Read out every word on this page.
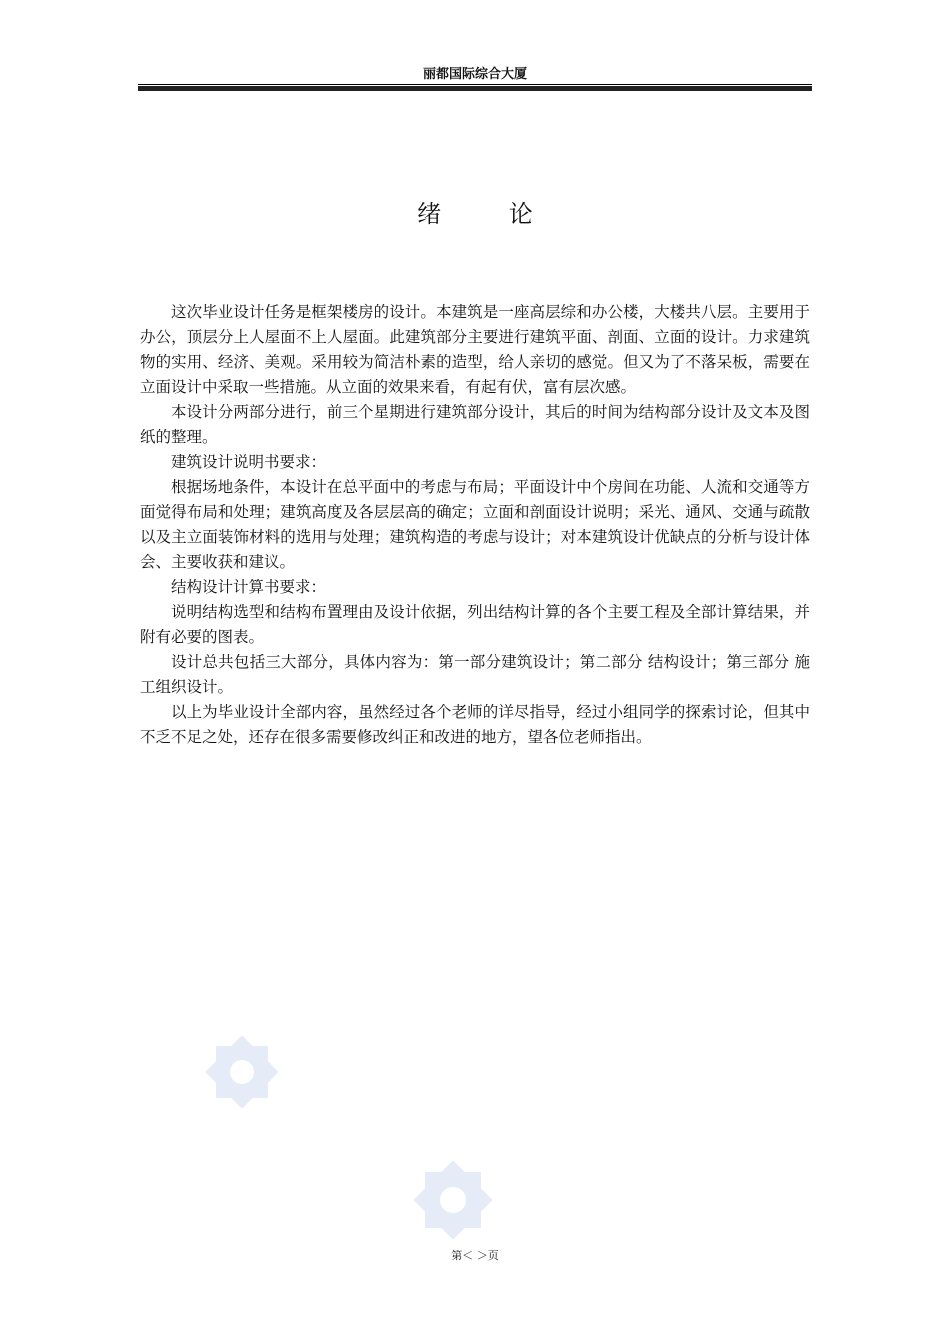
丽都国际综合大厦
绪 论

这次毕业设计任务是框架楼房的设计。本建筑是一座高层综和办公楼，大楼共八层。主要用于办公，顶层分上人屋面不上人屋面。此建筑部分主要进行建筑平面、剖面、立面的设计。力求建筑物的实用、经济、美观。采用较为简洁朴素的造型，给人亲切的感觉。但又为了不落呆板，需要在立面设计中采取一些措施。从立面的效果来看，有起有伏，富有层次感。

本设计分两部分进行，前三个星期进行建筑部分设计，其后的时间为结构部分设计及文本及图纸的整理。

建筑设计说明书要求：

根据场地条件，本设计在总平面中的考虑与布局；平面设计中个房间在功能、人流和交通等方面觉得布局和处理；建筑高度及各层层高的确定；立面和剖面设计说明；采光、通风、交通与疏散以及主立面装饰材料的选用与处理；建筑构造的考虑与设计；对本建筑设计优缺点的分析与设计体会、主要收获和建议。

结构设计计算书要求：

说明结构选型和结构布置理由及设计依据，列出结构计算的各个主要工程及全部计算结果，并附有必要的图表。

设计总共包括三大部分，具体内容为：第一部分建筑设计；第二部分 结构设计；第三部分 施工组织设计。

以上为毕业设计全部内容，虽然经过各个老师的详尽指导，经过小组同学的探索讨论，但其中不乏不足之处，还存在很多需要修改纠正和改进的地方，望各位老师指出。

第＜ ＞页
